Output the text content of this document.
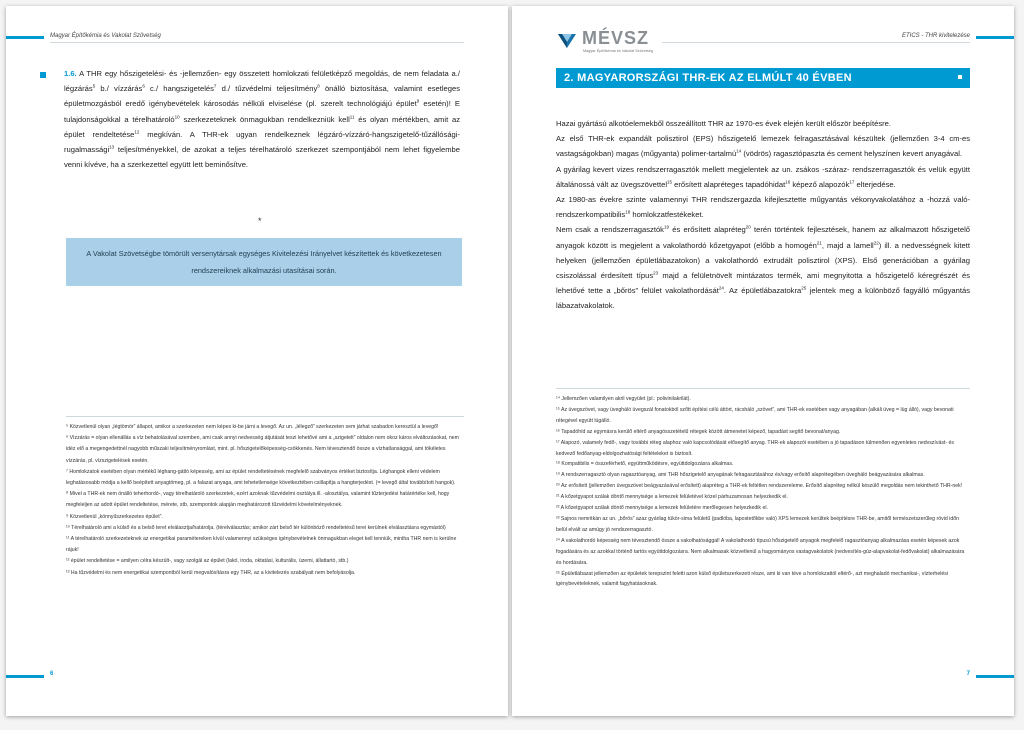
Magyar Építőkémia és Vakolat Szövetség

1.6. A THR egy hőszigetelési- és -jellemzően- egy összetett homlokzati felületképző megoldás, de nem feladata a./ légzárás$^5$ b./ vízzárás$^6$ c./ hangszigetelés$^7$ d./ tűzvédelmi teljesítmény$^8$ önálló biztosítása, valamint esetleges épületmozgásból eredő igénybevételek károsodás nélküli elviselése (pl. szerelt technológiájú épület$^9$ esetén)! E tulajdonságokkal a térelhatároló$^{10}$ szerkezeteknek önmagukban rendelkezniük kell$^{11}$ és olyan mértékben, amit az épület rendeltetése$^{12}$ megkíván. A THR-ek ugyan rendelkeznek légzáró-vízzáró-hangszigetelő-tűzállósági-rugalmassági$^{13}$ teljesítményekkel, de azokat a teljes térelhatároló szerkezet szempontjából nem lehet figyelembe venni kívéve, ha a szerkezettel együtt lett beminősítve.

*
A Vakolat Szövetségbe tömörült versenytársak egységes Kivitelezési Irányelvet készítettek és következetesen rendszereiknek alkalmazási utasításai során.

⁵ Közvetlenül olyan „légtömör” állapot, amikor a szerkezeten nem képes ki-be járni a levegő. Az un. „lélegző” szerkezeten sem járhat szabadon keresztül a levegő!

⁶ Vízzárás = olyan ellenállás a víz behatolásával szemben, ami csak annyi nedvesség átjutását teszi lehetővé ami a „szigetelt” oldalon nem okoz káros elváltozásokat, nem idéz elő a megengedettnél nagyobb műszaki teljesítményromlást, mint. pl. hőszigetelőképesség-csökkenés. Nem tévesztendő össze a vízhatlansággal, ami tökéletes vízzárás, pl. vízszigetelések esetén.

⁷ Homlokzatok esetében olyan mértékű léghang-gátló képesség, ami az épület rendeltetésének megfelelő szabványos értéket biztosítja. Léghangok elleni védelem leghatásosabb módja a kellő beépített anyagtömeg, pl. a falazat anyaga, ami tehetetlensége következtében csillapítja a hangterjedést. (= levegő által továbbított hangok).

⁸ Mivel a THR-ek nem önálló teherhordó-, vagy térelhatároló szerkezetek, ezért azoknak tűzvédelmi osztálya ill. -alosztálya, valamint tűzterjedési határértéke kell, hogy megfeleljen az adott épület rendeltetése, mérete, stb. szempontok alapján meghatározott tűzvédelmi követelményeknek.

⁹ Közvetlenül „könnyűszerkezetes épület”.

¹⁰ Térelhatároló ami a külső és a belső teret elválasztja/határolja. (térelválasztás; amikor zárt belső tér különböző rendeltetésű terei kerülnek elválasztásra egymástól)

¹¹ A térelhatároló szerkezeteknek az energetikai paramétereken kívül valamennyi szükséges igénybevételnek önmagukban eleget kell tenniük, mintha THR nem is kerülne rájuk!

¹² épület rendeltetése = amilyen célra készült-, vagy szolgál az épület (lakó, iroda, oktatási, kulturális, üzemi, állattartó, stb.)

¹³ Ha tűzvédelmi és nem energetikai szempontból kerül megvalósításra egy THR, az a kivitelezés szabályait nem befolyásolja.

6
MÉVSZ
Magyar Építőkémia és Vakolat Szövetség
ETICS - THR kivitelezése
2. MAGYARORSZÁGI THR-EK AZ ELMÚLT 40 ÉVBEN

Hazai gyártású alkotóelemekből összeállított THR az 1970-es évek elején került először beépítésre.

Az első THR-ek expandált polisztirol (EPS) hőszigetelő lemezek felragasztásával készültek (jellemzően 3-4 cm-es vastagságokban) magas (műgyanta) polimer-tartalmú$^{14}$ (vödrös) ragasztópaszta és cement helyszínen kevert anyagával.

A gyárilag kevert vizes rendszerragasztók mellett megjelentek az un. zsákos -száraz- rendszerragasztók és velük együtt általánossá vált az üvegszövettel$^{15}$ erősített alapréteges tapadóhidat$^{16}$ képező alapozók$^{17}$ elterjedése.

Az 1980-as évekre szinte valamennyi THR rendszergazda kifejlesztette műgyantás vékonyvakolatához a -hozzá való- rendszerkompatibilis$^{18}$ homlokzatfestékeket.

Nem csak a rendszerragasztók$^{19}$ és erősített alapréteg$^{20}$ terén történtek fejlesztések, hanem az alkalmazott hőszigetelő anyagok között is megjelent a vakolathordó kőzetgyapot (előbb a homogén$^{21}$, majd a lamell$^{22}$) ill. a nedvességnek kitett helyeken (jellemzően épületlábazatokon) a vakolathordó extrudált polisztirol (XPS). Első generációban a gyárilag csiszolással érdesített típus$^{23}$ majd a felületnövelt mintázatos termék, ami megnyitotta a hőszigetelő kéregrészét és lehetővé tette a „bőrös” felület vakolathordását$^{24}$. Az épületlábazatokra$^{25}$ jelentek meg a különböző fagyálló műgyantás lábazatvakolatok.

¹⁴ Jellemzően valamilyen akril vegyület (pl.: polivinilakrilát).

¹⁵ Az üvegszövet, vagy üvegháló üvegszál fonatokból szőtt építési célú áttört, rácsháló „szövet”, ami THR-ek esetében vagy anyagában (alkáli üveg = lúg álló), vagy bevonati rétegével együtt lúgálló.

¹⁶ Tapadóhíd az egymásra kerülő eltérő anyagösszetételű rétegek között átmenetet képező, tapadást segítő bevonat/anyag.

¹⁷ Alapozó, valamely fedő-, vagy további réteg alaphoz való kapcsolódását elősegítő anyag. THR-ek alapozói esetében a jó tapadáson túlmenően egyenletes nedvszívást- és kedvező fedőanyag-eldolgozhatósági feltételeket is biztosít.

¹⁸ Kompatibilis = összeférhető, együttműködésre, együttdolgozásra alkalmas.

¹⁹ A rendszerragasztó olyan ragasztóanyag, ami THR hőszigetelő anyagának felragasztásához és/vagy erősítő alaprétegében üvegháló beágyazására alkalmas.

²⁰ Az erősített (jellemzően üvegszövet beágyazásával erősített) alapréteg a THR-ek feltétlen rendszereleme. Erősítő alapréteg nélkül készülő megoldás nem tekinthető THR-nek!

²¹ A kőzetgyapot szálak döntő mennyisége a lemezek felületével közel párhuzamosan helyezkedik el.

²² A kőzetgyapot szálak döntő mennyisége a lemezek felületére merőlegesen helyezkedik el.

²³ Sajnos nemritkán az un. „bőrös” azaz gyárilag tükör-sima felületű (padlóba, lapostetőkbe való) XPS lemezek kerültek beépítésre THR-be, amitől természetszerűleg rövid időn belül elvált az amúgy jó rendszerragasztó.

²⁴ A vakolathordó képesség nem tévesztendő össze a vakolhatósággal! A vakolathordó típusú hőszigetelő anyagok megfelelő ragasztóanyag alkalmazása esetén képesek azok fogadására és az azokkal történő tartós együttdolgozásra. Nem alkalmasak közvetlenül a hagyományos vastagvakolatok (nedvesítés-gúz-alapvakolat-fedővakolat) alkalmazására és hordására.

²⁵ Épületlábazat jellemzően az épületek terepszint feletti azon külső épületszerkezeti része, ami ki van téve a homlokzattól eltérő-, azt meghaladó mechanikai-, vízterhelési igénybevételeknek, valamit fagyhatásoknak.

7
